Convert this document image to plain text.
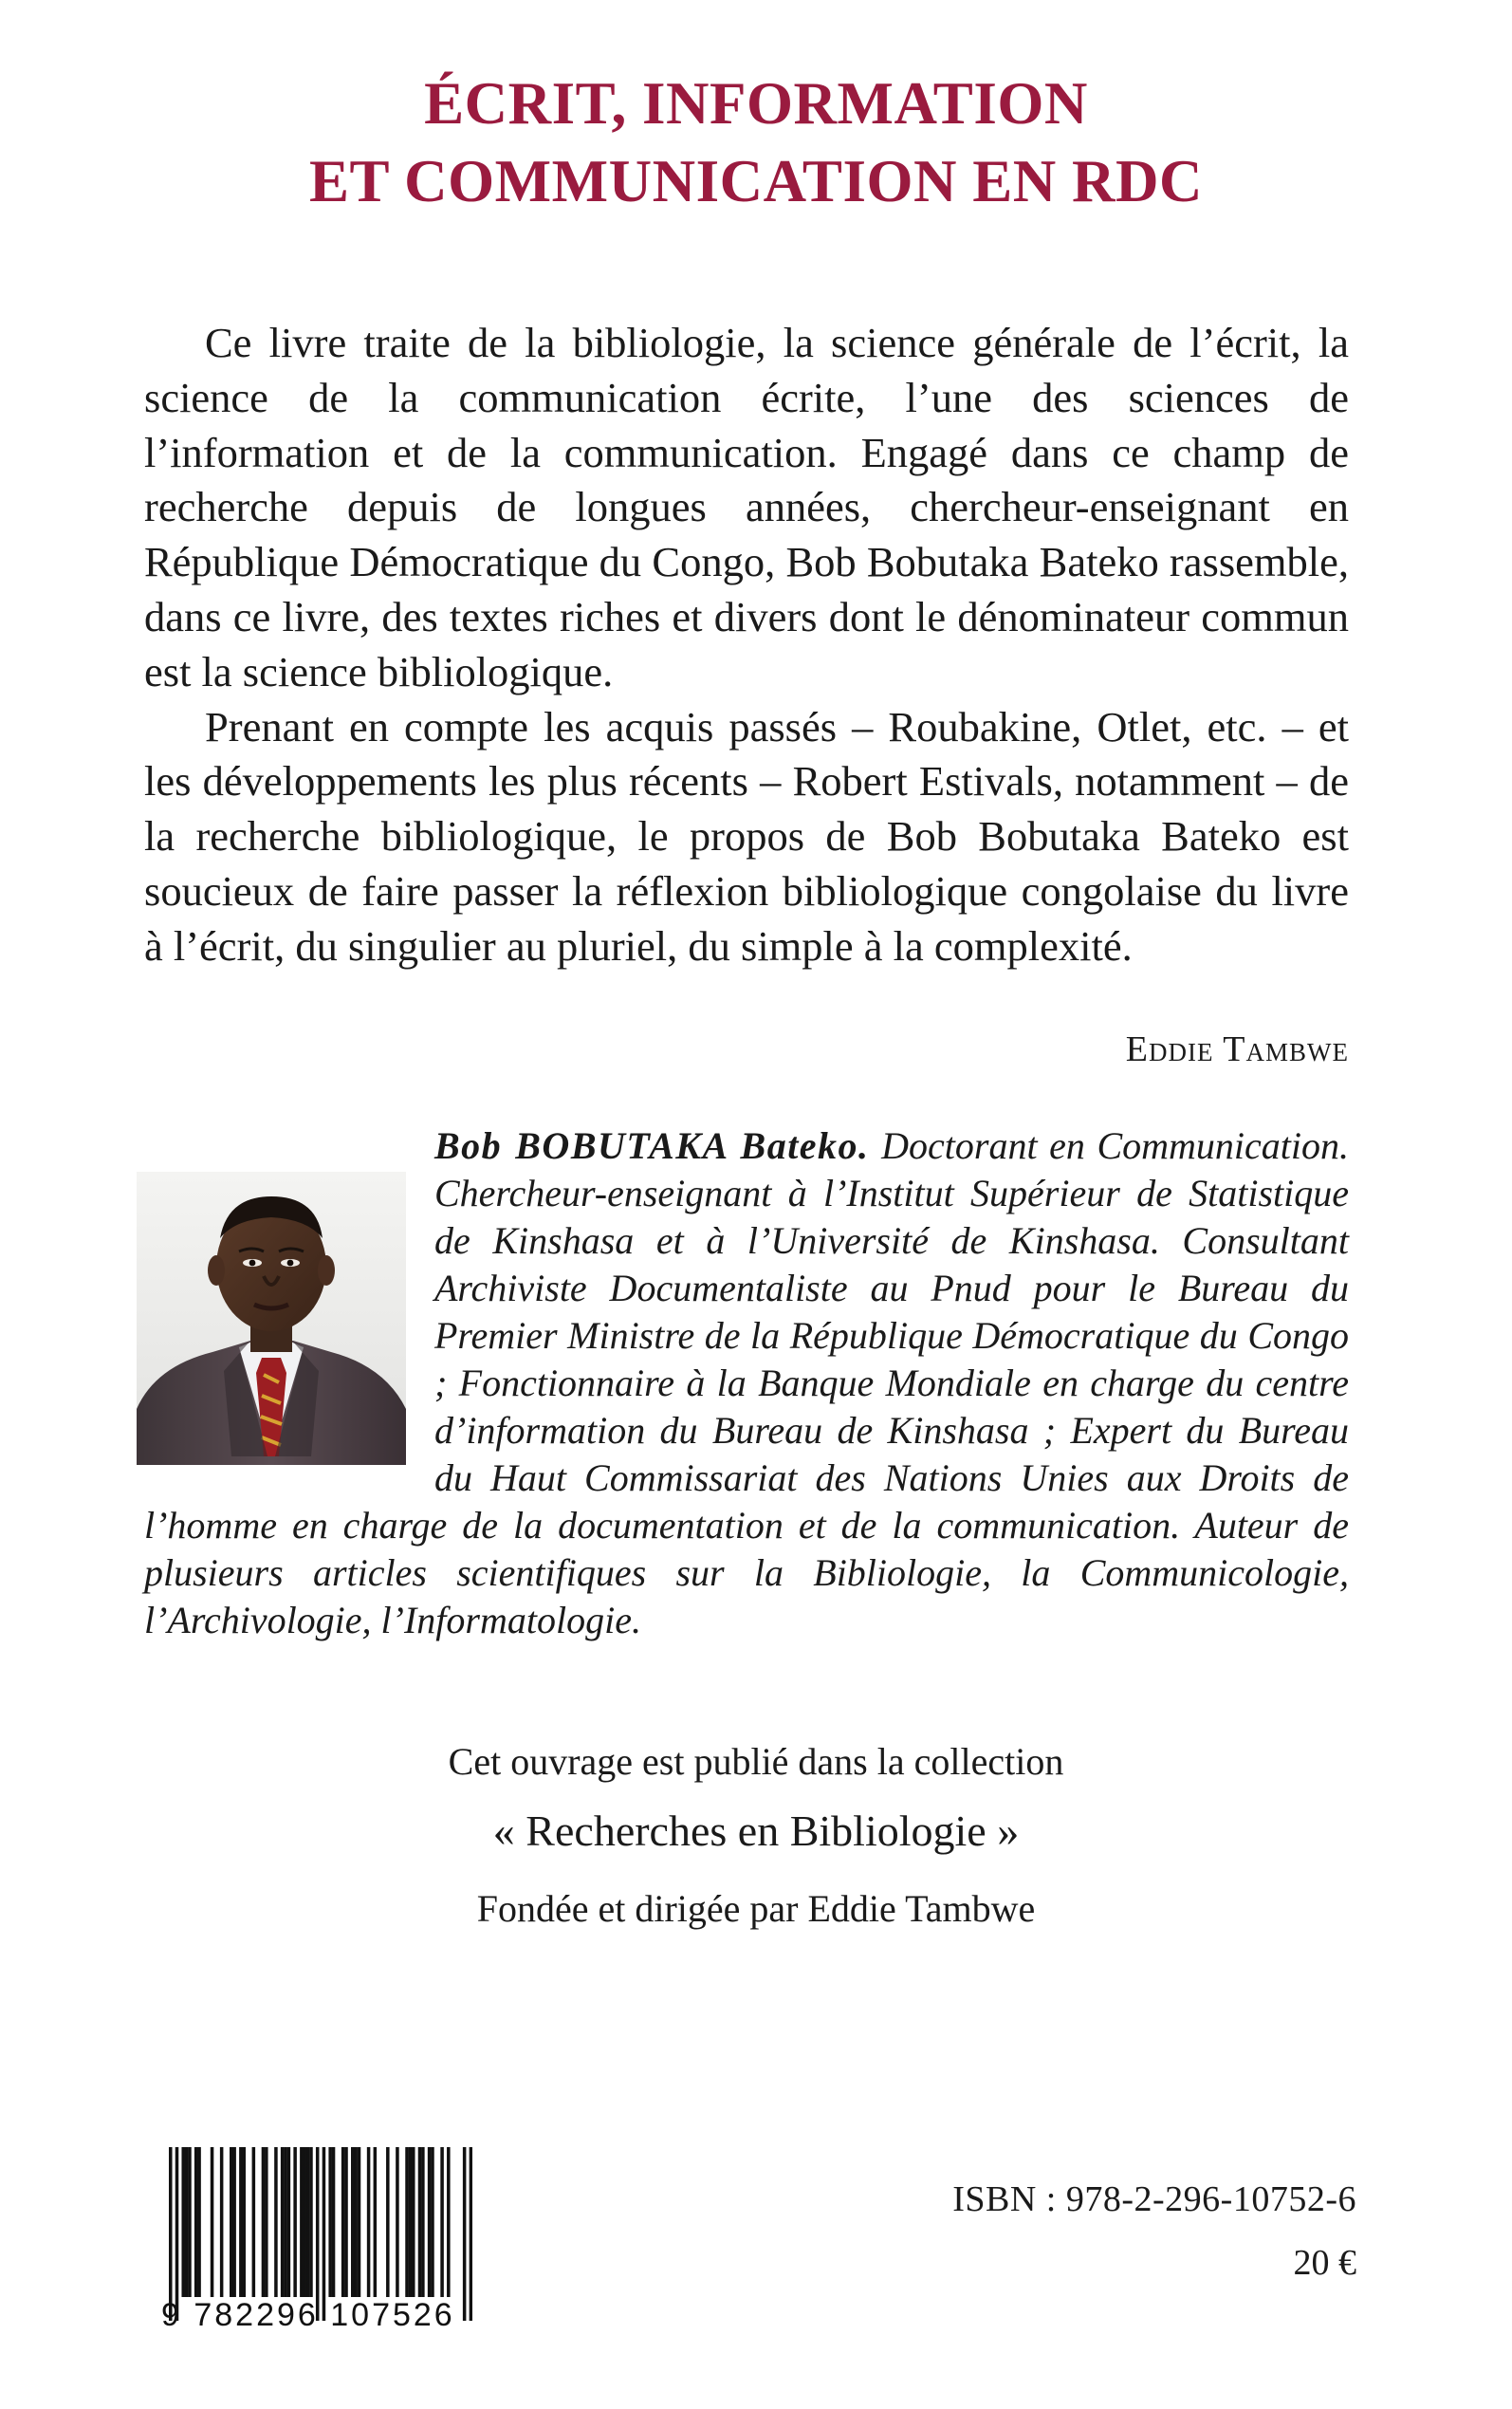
ÉCRIT, INFORMATION
ET COMMUNICATION EN RDC

Ce livre traite de la bibliologie, la science générale de l’écrit, la science de la communication écrite, l’une des sciences de l’information et de la communication. Engagé dans ce champ de recherche depuis de longues années, chercheur-enseignant en République Démocratique du Congo, Bob Bobutaka Bateko rassemble, dans ce livre, des textes riches et divers dont le dénominateur commun est la science bibliologique.

Prenant en compte les acquis passés – Roubakine, Otlet, etc. – et les développements les plus récents – Robert Estivals, notamment – de la recherche bibliologique, le propos de Bob Bobutaka Bateko est soucieux de faire passer la réflexion bibliologique congolaise du livre à l’écrit, du singulier au pluriel, du simple à la complexité.

Eddie Tambwe
Bob BOBUTAKA Bateko. Doctorant en Communication. Chercheur-enseignant à l’Institut Supérieur de Statistique de Kinshasa et à l’Université de Kinshasa. Consultant Archiviste Documentaliste au Pnud pour le Bureau du Premier Ministre de la République Démocratique du Congo ; Fonctionnaire à la Banque Mondiale en charge du centre d’information du Bureau de Kinshasa ; Expert du Bureau du Haut Commissariat des Nations Unies aux Droits de l’homme en charge de la documentation et de la communication. Auteur de plusieurs articles scientifiques sur la Bibliologie, la Communicologie, l’Archivologie, l’Informatologie.
Cet ouvrage est publié dans la collection
« Recherches en Bibliologie »
Fondée et dirigée par Eddie Tambwe
9 782296 107526
ISBN : 978-2-296-10752-6
20 €
